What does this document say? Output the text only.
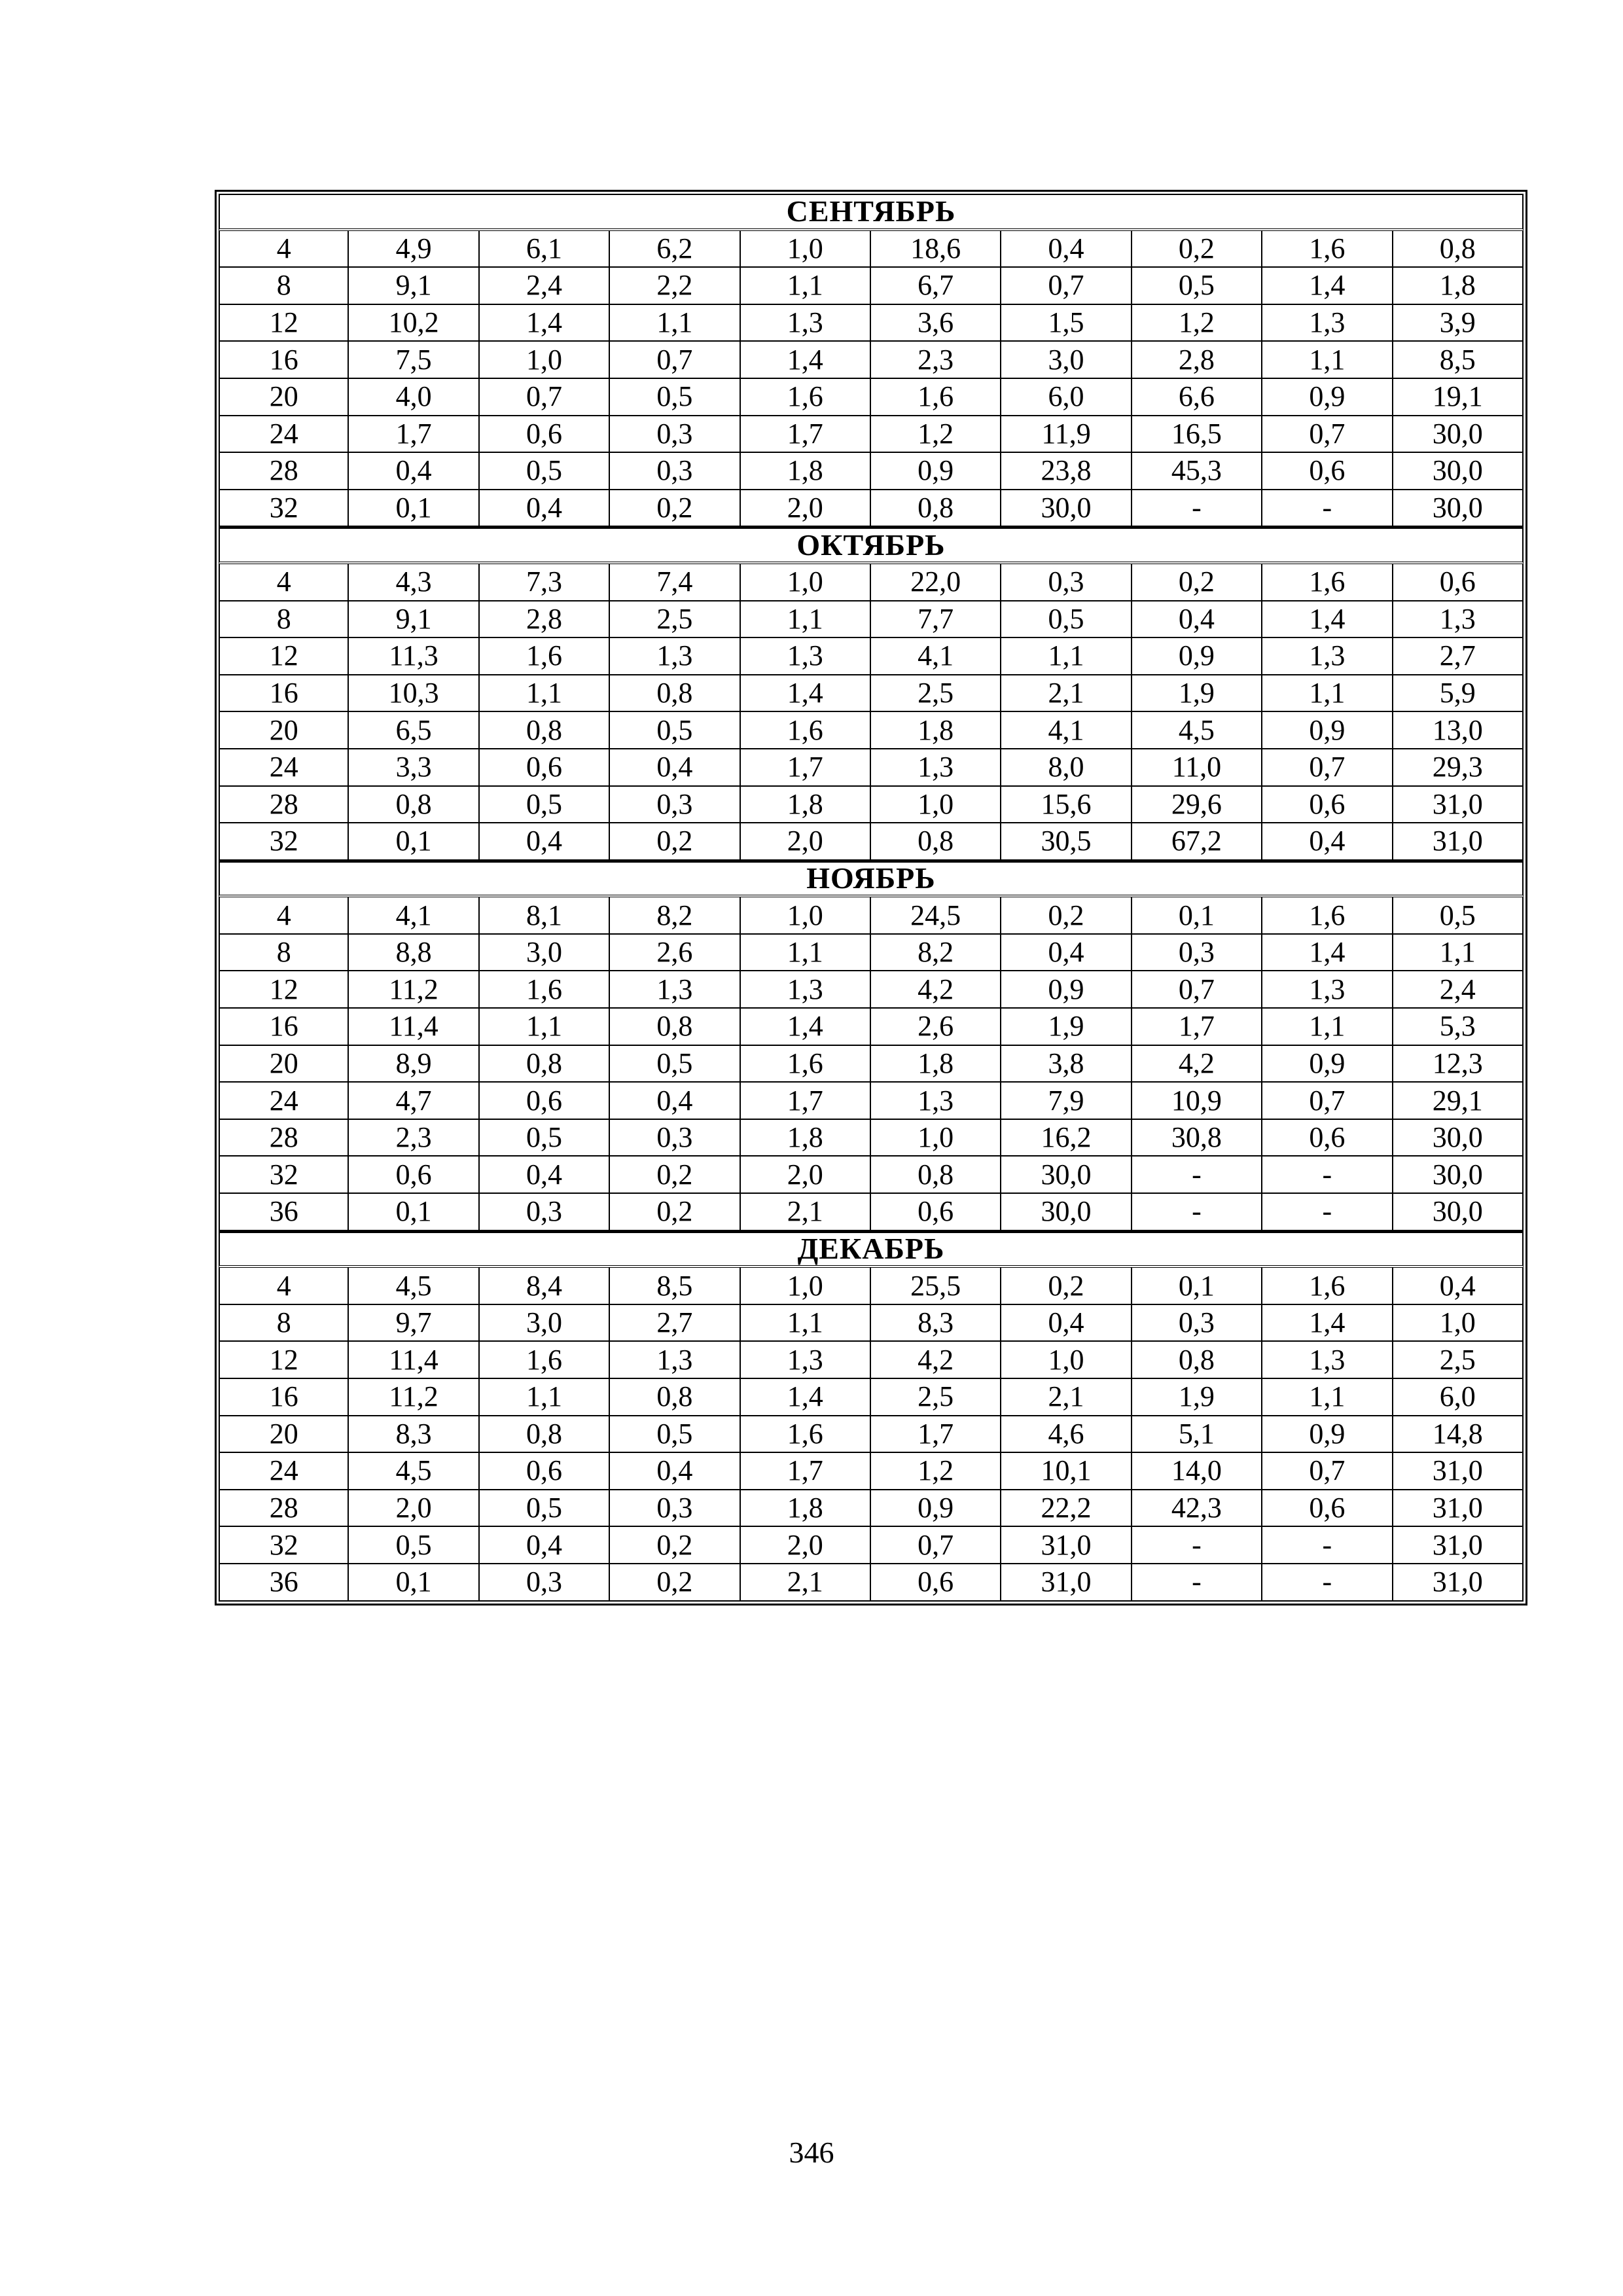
СЕНТЯБРЬ									
4	4,9	6,1	6,2	1,0	18,6	0,4	0,2	1,6	0,8
8	9,1	2,4	2,2	1,1	6,7	0,7	0,5	1,4	1,8
12	10,2	1,4	1,1	1,3	3,6	1,5	1,2	1,3	3,9
16	7,5	1,0	0,7	1,4	2,3	3,0	2,8	1,1	8,5
20	4,0	0,7	0,5	1,6	1,6	6,0	6,6	0,9	19,1
24	1,7	0,6	0,3	1,7	1,2	11,9	16,5	0,7	30,0
28	0,4	0,5	0,3	1,8	0,9	23,8	45,3	0,6	30,0
32	0,1	0,4	0,2	2,0	0,8	30,0	-	-	30,0
ОКТЯБРЬ									
4	4,3	7,3	7,4	1,0	22,0	0,3	0,2	1,6	0,6
8	9,1	2,8	2,5	1,1	7,7	0,5	0,4	1,4	1,3
12	11,3	1,6	1,3	1,3	4,1	1,1	0,9	1,3	2,7
16	10,3	1,1	0,8	1,4	2,5	2,1	1,9	1,1	5,9
20	6,5	0,8	0,5	1,6	1,8	4,1	4,5	0,9	13,0
24	3,3	0,6	0,4	1,7	1,3	8,0	11,0	0,7	29,3
28	0,8	0,5	0,3	1,8	1,0	15,6	29,6	0,6	31,0
32	0,1	0,4	0,2	2,0	0,8	30,5	67,2	0,4	31,0
НОЯБРЬ									
4	4,1	8,1	8,2	1,0	24,5	0,2	0,1	1,6	0,5
8	8,8	3,0	2,6	1,1	8,2	0,4	0,3	1,4	1,1
12	11,2	1,6	1,3	1,3	4,2	0,9	0,7	1,3	2,4
16	11,4	1,1	0,8	1,4	2,6	1,9	1,7	1,1	5,3
20	8,9	0,8	0,5	1,6	1,8	3,8	4,2	0,9	12,3
24	4,7	0,6	0,4	1,7	1,3	7,9	10,9	0,7	29,1
28	2,3	0,5	0,3	1,8	1,0	16,2	30,8	0,6	30,0
32	0,6	0,4	0,2	2,0	0,8	30,0	-	-	30,0
36	0,1	0,3	0,2	2,1	0,6	30,0	-	-	30,0
ДЕКАБРЬ									
4	4,5	8,4	8,5	1,0	25,5	0,2	0,1	1,6	0,4
8	9,7	3,0	2,7	1,1	8,3	0,4	0,3	1,4	1,0
12	11,4	1,6	1,3	1,3	4,2	1,0	0,8	1,3	2,5
16	11,2	1,1	0,8	1,4	2,5	2,1	1,9	1,1	6,0
20	8,3	0,8	0,5	1,6	1,7	4,6	5,1	0,9	14,8
24	4,5	0,6	0,4	1,7	1,2	10,1	14,0	0,7	31,0
28	2,0	0,5	0,3	1,8	0,9	22,2	42,3	0,6	31,0
32	0,5	0,4	0,2	2,0	0,7	31,0	-	-	31,0
36	0,1	0,3	0,2	2,1	0,6	31,0	-	-	31,0
346
